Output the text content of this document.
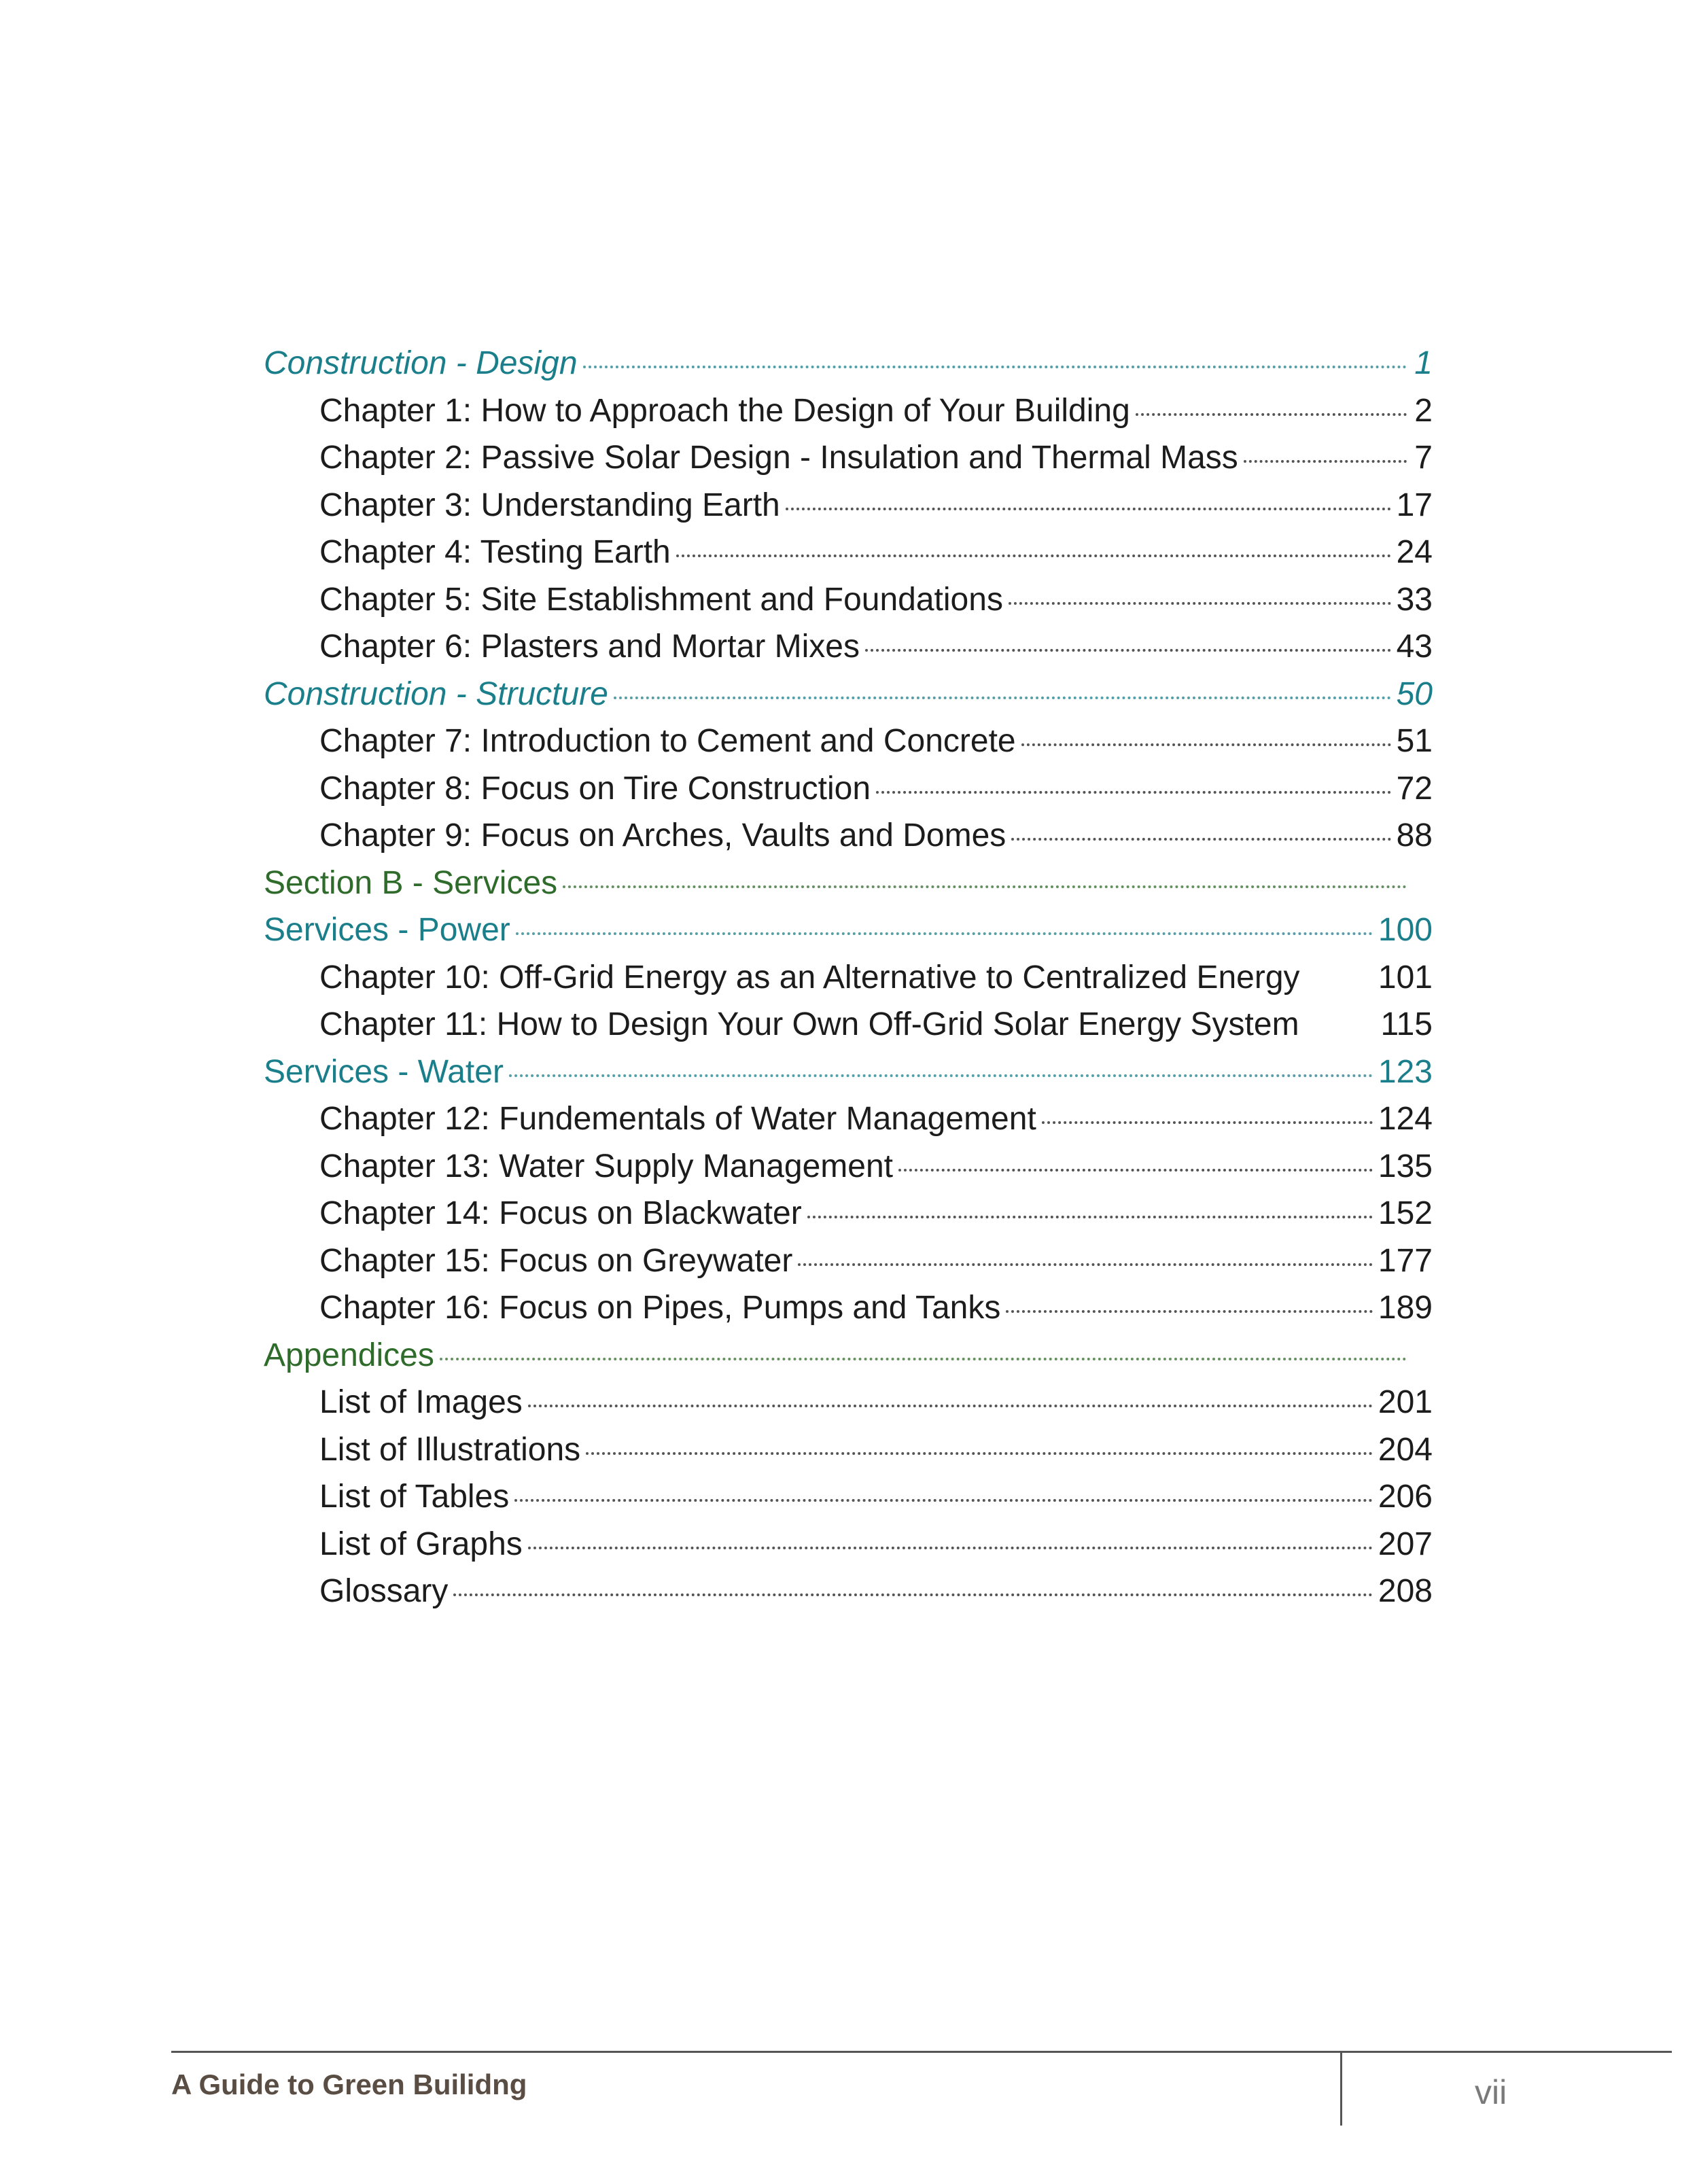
Construction - Design	1
Chapter 1: How to Approach the Design of Your Building	2
Chapter 2: Passive Solar Design - Insulation and Thermal Mass	7
Chapter 3: Understanding Earth	17
Chapter 4: Testing Earth	24
Chapter 5: Site Establishment and Foundations	33
Chapter 6: Plasters and Mortar Mixes	43
Construction - Structure	50
Chapter 7: Introduction to Cement and Concrete	51
Chapter 8: Focus on Tire Construction	72
Chapter 9: Focus on Arches, Vaults and Domes	88
Section B - Services
Services - Power	100
Chapter 10: Off-Grid Energy as an Alternative to Centralized Energy 101
Chapter 11: How to Design Your Own Off-Grid Solar Energy System 115
Services - Water	123
Chapter 12: Fundementals of Water Management	124
Chapter 13: Water Supply Management	135
Chapter 14: Focus on Blackwater	152
Chapter 15: Focus on Greywater	177
Chapter 16: Focus on Pipes, Pumps and Tanks	189
Appendices
List of Images	201
List of Illustrations	204
List of Tables	206
List of Graphs	207
Glossary	208
A Guide to Green Builidng	vii
